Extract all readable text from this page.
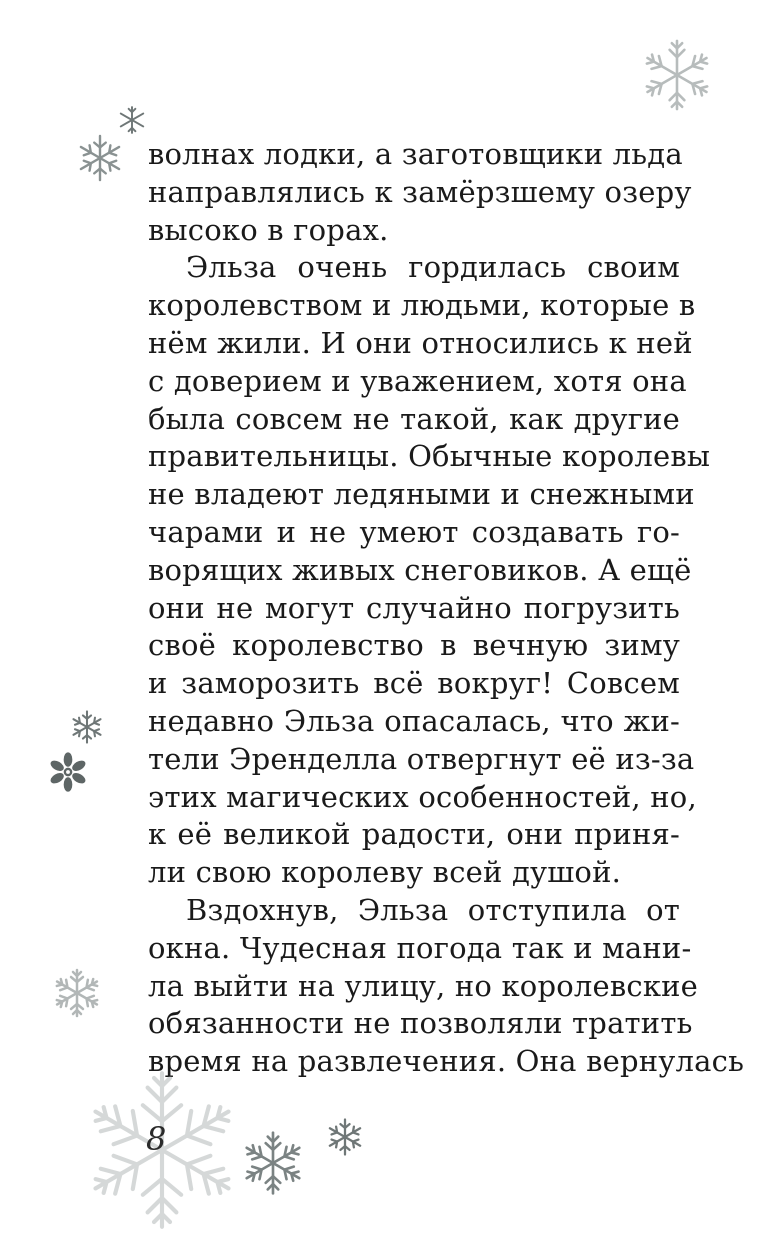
волнах лодки, а заготовщики льда
направлялись к замёрзшему озеру
высоко в горах.
Эльза очень гордилась своим
королевством и людьми, которые в
нём жили. И они относились к ней
с доверием и уважением, хотя она
была совсем не такой, как другие
правительницы. Обычные королевы
не владеют ледяными и снежными
чарами и не умеют создавать го-
ворящих живых снеговиков. А ещё
они не могут случайно погрузить
своё королевство в вечную зиму
и заморозить всё вокруг! Совсем
недавно Эльза опасалась, что жи-
тели Эренделла отвергнут её из-за
этих магических особенностей, но,
к её великой радости, они приня-
ли свою королеву всей душой.
Вздохнув, Эльза отступила от
окна. Чудесная погода так и мани-
ла выйти на улицу, но королевские
обязанности не позволяли тратить
время на развлечения. Она вернулась
8
